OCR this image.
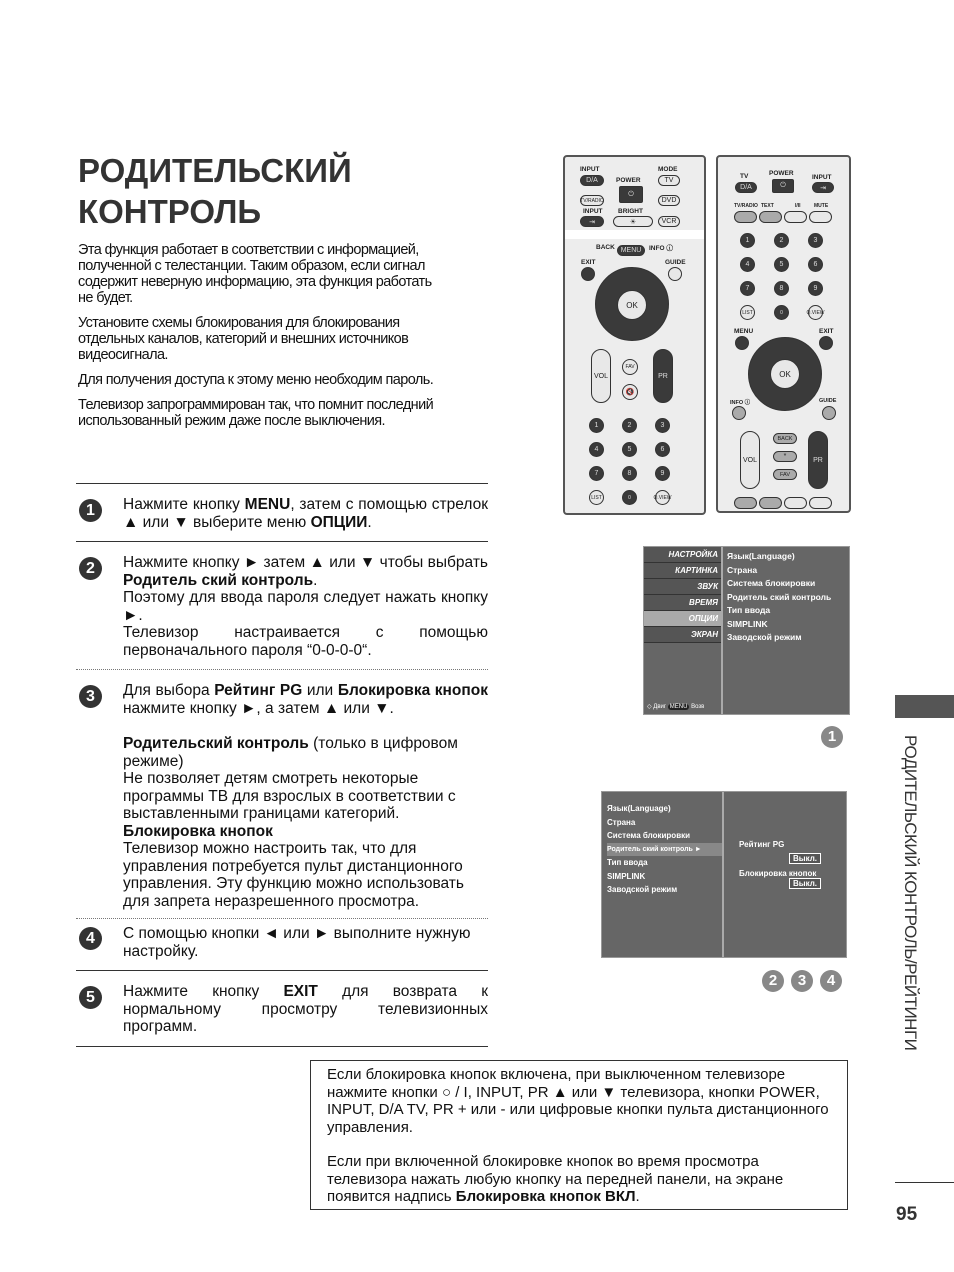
РОДИТЕЛЬСКИЙ
КОНТРОЛЬ

Эта функция работает в соответствии с информацией, полученной с телестанции. Таким образом, если сигнал содержит неверную информацию, эта функция работать не будет.

Установите схемы блокирования для блокирования отдельных каналов, категорий и внешних источников видеосигнала.

Для получения доступа к этому меню необходим пароль.

Телевизор запрограммирован так, что помнит последний использованный режим даже после выключения.

1	Нажмите кнопку MENU, затем с помощью стрелок ▲ или ▼ выберите меню ОПЦИИ.

2	Нажмите кнопку ► затем ▲ или ▼ чтобы выбрать Родитель ский контроль.

Поэтому для ввода пароля следует нажать кнопку ►.

Телевизор настраивается с помощью первоначального пароля “0-0-0-0“.

3	Для выбора Рейтинг PG или Блокировка кнопок нажмите кнопку ►, а затем ▲ или ▼.

Родительский контроль (только в цифровом режиме)

Не позволяет детям смотреть некоторые программы ТВ для взрослых в соответствии с выставленными границами категорий.

Блокировка кнопок

Телевизор можно настроить так, что для управления потребуется пульт дистанционного управления. Эту функцию можно использовать для запрета неразрешенного просмотра.

4	С помощью кнопки ◄ или ► выполните нужную настройку.

5	Нажмите кнопку EXIT для возврата к нормальному просмотру телевизионных программ.

INPUT
D/A	POWER
⏻
MODE
TV
TV/RADIO	DVD
INPUT
⇥
BRIGHT
☀	VCR
BACK MENU	INFO ⓘ
EXIT	GUIDE
OK
VOL
FAV
🔇
PR
1	2	3
4	5	6
7	8	9
LIST	0	Q.VIEW
TV
D/A
POWER
⏻
INPUT
⇥
TV/RADIO TEXT	I/II	MUTE
1	2	3
4	5	6
7	8	9
LIST	0	Q.VIEW
MENU	EXIT
OK
INFO ⓘ	GUIDE
VOL
BACK
*
FAV
PR
НАСТРОЙКА
КАРТИНКА
ЗВУК
ВРЕМЯ
ОПЦИИ
ЭКРАН
◇ Двиг MENU Возв
Язык(Language)
Страна
Система блокировки
Родитель ский контроль
Тип ввода
SIMPLINK
Заводской режим
1
Язык(Language)
Страна
Система блокировки
Родитель ский контроль ►
Тип ввода
SIMPLINK
Заводской режим
Рейтинг PG
Выкл.
Блокировка кнопок
Выкл.
2	3	4	РОДИТЕЛЬСКИЙ КОНТРОЛЬ/РЕЙТИНГИ
95

Если блокировка кнопок включена, при выключенном телевизоре нажмите кнопки ○ / I, INPUT, PR ▲ или ▼ телевизора, кнопки POWER, INPUT, D/A TV, PR + или - или цифровые кнопки пульта дистанционного управления.

Если при включенной блокировке кнопок во время просмотра телевизора нажать любую кнопку на передней панели, на экране появится надпись Блокировка кнопок ВКЛ.
